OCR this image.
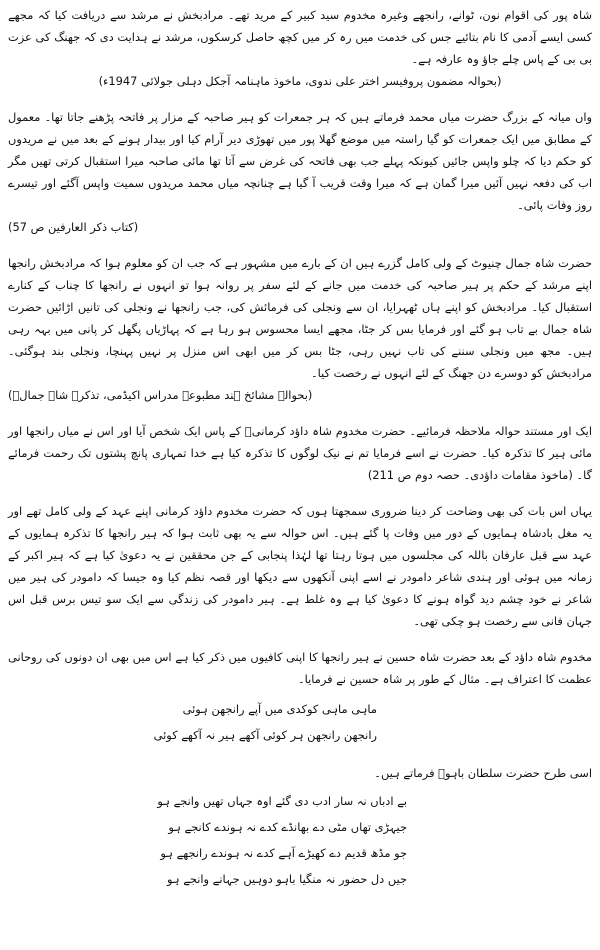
شاہ پور کی اقوام نون، ٹوانے، رانجھے وغیرہ مخدوم سید کبیر کے مرید تھے۔ مرادبخش نے مرشد سے دریافت کیا کہ مجھے کسی ایسے آدمی کا نام بتائیے جس کی خدمت میں رہ کر میں کچھ حاصل کرسکوں، مرشد نے ہدایت دی کہ جھنگ کی عزت بی بی کے پاس چلے جاؤ وہ عارفہ ہے۔
(بحوالہ مضمون پروفیسر اختر علی ندوی، ماخوذ ماہنامہ آجکل دہلی جولائی 1947ء)

واں میانہ کے بزرگ حضرت میاں محمد فرماتے ہیں کہ ہر جمعرات کو ہیر صاحبہ کے مزار پر فاتحہ پڑھنے جاتا تھا۔ معمول کے مطابق میں ایک جمعرات کو گیا راستہ میں موضع گھلا پور میں تھوڑی دیر آرام کیا اور بیدار ہونے کے بعد میں نے مریدوں کو حکم دیا کہ چلو واپس جائیں کیونکہ پہلے جب بھی فاتحہ کی غرض سے آتا تھا مائی صاحبہ میرا استقبال کرتی تھیں مگر اب کی دفعہ نہیں آئیں میرا گمان ہے کہ میرا وقت قریب آ گیا ہے چنانچہ میاں محمد مریدوں سمیت واپس آگئے اور تیسرے روز وفات پائی۔
(کتاب ذکر العارفین ص 57)

حضرت شاہ جمال چنیوٹ کے ولی کامل گزرے ہیں ان کے بارے میں مشہور ہے کہ جب ان کو معلوم ہوا کہ مرادبخش رانجھا اپنے مرشد کے حکم پر ہیر صاحبہ کی خدمت میں جانے کے لئے سفر پر روانہ ہوا تو انہوں نے رانجھا کا چناب کے کنارے استقبال کیا۔ مرادبخش کو اپنے ہاں ٹھہرایا، ان سے ونجلی کی فرمائش کی، جب رانجھا نے ونجلی کی تانیں اڑائیں حضرت شاہ جمال بے تاب ہو گئے اور فرمایا بس کر جٹا، مجھے ایسا محسوس ہو رہا ہے کہ پہاڑیاں پگھل کر پانی میں بہہ رہی ہیں۔ مجھ میں ونجلی سننے کی تاب نہیں رہی، جٹا بس کر میں ابھی اس منزل پر نہیں پہنچا، ونجلی بند ہوگئی۔ مرادبخش کو دوسرے دن جھنگ کے لئے انہوں نے رخصت کیا۔
(بحوالہ مشائخ ہند مطبوعہ مدراس اکیڈمی، تذکرہ شاہ جمالؒ)

ایک اور مستند حوالہ ملاحظہ فرمائیے۔ حضرت مخدوم شاہ داؤد کرمانیؒ کے پاس ایک شخص آیا اور اس نے میاں رانجھا اور مائی ہیر کا تذکرہ کیا۔ حضرت نے اسے فرمایا تم نے نیک لوگوں کا تذکرہ کیا ہے خدا تمہاری پانچ پشتوں تک رحمت فرمائے گا۔ (ماخوذ مقامات داؤدی۔ حصہ دوم ص 211)

یہاں اس بات کی بھی وضاحت کر دینا ضروری سمجھتا ہوں کہ حضرت مخدوم داؤد کرمانی اپنے عہد کے ولی کامل تھے اور یہ مغل بادشاہ ہمایوں کے دور میں وفات پا گئے ہیں۔ اس حوالہ سے یہ بھی ثابت ہوا کہ ہیر رانجھا کا تذکرہ ہمایوں کے عہد سے قبل عارفان باللہ کی مجلسوں میں ہوتا رہتا تھا لہٰذا پنجابی کے جن محققین نے یہ دعویٰ کیا ہے کہ ہیر اکبر کے زمانہ میں ہوئی اور ہندی شاعر دامودر نے اسے اپنی آنکھوں سے دیکھا اور قصہ نظم کیا وہ جیسا کہ دامودر کی ہیر میں شاعر نے خود چشم دید گواہ ہونے کا دعویٰ کیا ہے وہ غلط ہے۔ ہیر دامودر کی زندگی سے ایک سو تیس برس قبل اس جہان فانی سے رخصت ہو چکی تھی۔

مخدوم شاہ داؤد کے بعد حضرت شاہ حسین نے ہیر رانجھا کا اپنی کافیوں میں ذکر کیا ہے اس میں بھی ان دونوں کی روحانی عظمت کا اعتراف ہے۔ مثال کے طور پر شاہ حسین نے فرمایا۔

ماہی ماہی کوکدی میں آپے رانجھن ہوئی
رانجھن رانجھن ہر کوئی آکھے ہیر نہ آکھے کوئی

اسی طرح حضرت سلطان باہوؒ فرماتے ہیں۔

بے ادباں نہ سار ادب دی گئے اوہ جہاں تھیں وانجے ہو
جیہڑی تھاں مٹی دے بھانڈے کدے نہ ہوندے کانجے ہو
جو مڈھ قدیم دے کھیڑے آہے کدے نہ ہوندے رانجھے ہو
جیں دل حضور نہ منگیا باہو دوہیں جہانے وانجے ہو
